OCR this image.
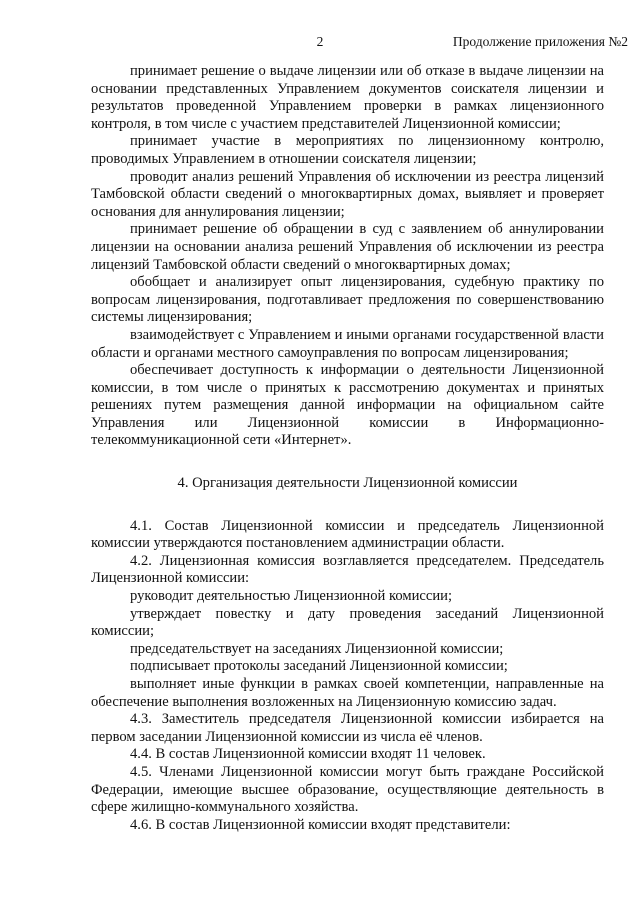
2	Продолжение приложения №2

принимает решение о выдаче лицензии или об отказе в выдаче лицензии на основании представленных Управлением документов соискателя лицензии и результатов проведенной Управлением проверки в рамках лицензионного контроля, в том числе с участием представителей Лицензионной комиссии;

принимает участие в мероприятиях по лицензионному контролю, проводимых Управлением в отношении соискателя лицензии;

проводит анализ решений Управления об исключении из реестра лицензий Тамбовской области сведений о многоквартирных домах, выявляет и проверяет основания для аннулирования лицензии;

принимает решение об обращении в суд с заявлением об аннулировании лицензии на основании анализа решений Управления об исключении из реестра лицензий Тамбовской области сведений о многоквартирных домах;

обобщает и анализирует опыт лицензирования, судебную практику по вопросам лицензирования, подготавливает предложения по совершенствованию системы лицензирования;

взаимодействует с Управлением и иными органами государственной власти области и органами местного самоуправления по вопросам лицензирования;

обеспечивает доступность к информации о деятельности Лицензионной комиссии, в том числе о принятых к рассмотрению документах и принятых решениях путем размещения данной информации на официальном сайте Управления или Лицензионной комиссии в Информационно-телекоммуникационной сети «Интернет».

4. Организация деятельности Лицензионной комиссии

4.1. Состав Лицензионной комиссии и председатель Лицензионной комиссии утверждаются постановлением администрации области.

4.2. Лицензионная комиссия возглавляется председателем. Председатель Лицензионной комиссии:

руководит деятельностью Лицензионной комиссии;

утверждает повестку и дату проведения заседаний Лицензионной комиссии;

председательствует на заседаниях Лицензионной комиссии;

подписывает протоколы заседаний Лицензионной комиссии;

выполняет иные функции в рамках своей компетенции, направленные на обеспечение выполнения возложенных на Лицензионную комиссию задач.

4.3. Заместитель председателя Лицензионной комиссии избирается на первом заседании Лицензионной комиссии из числа её членов.

4.4. В состав Лицензионной комиссии входят 11 человек.

4.5. Членами Лицензионной комиссии могут быть граждане Российской Федерации, имеющие высшее образование, осуществляющие деятельность в сфере жилищно-коммунального хозяйства.

4.6. В состав Лицензионной комиссии входят представители:
